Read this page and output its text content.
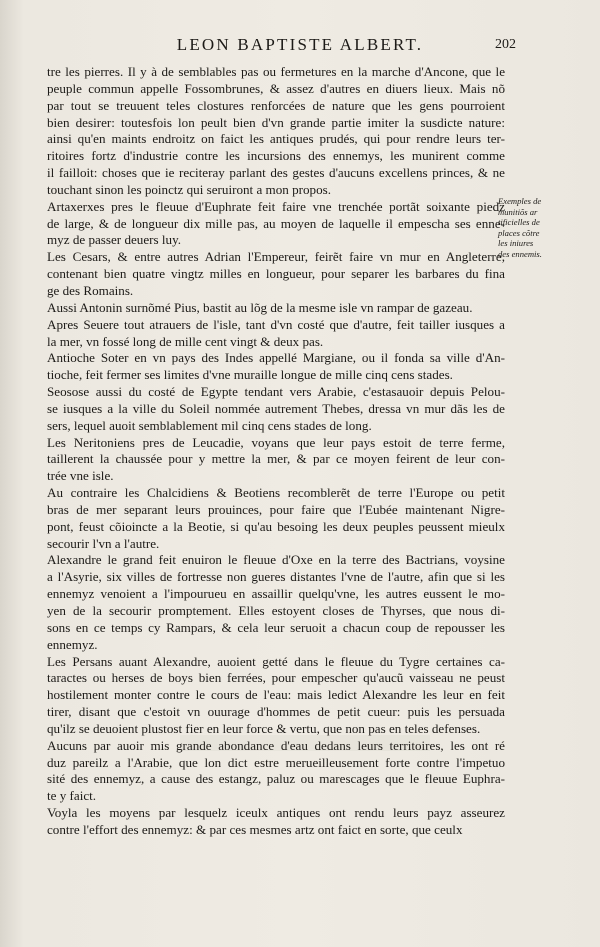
LEON BAPTISTE ALBERT.	202

tre les pierres. Il y à de semblables pas ou fermetures en la marche d'Ancone, que le
peuple commun appelle Fossombrunes, & assez d'autres en diuers lieux. Mais nõ
par tout se treuuent teles clostures renforcées de nature que les gens pourroient
bien desirer: toutesfois lon peult bien d'vn grande partie imiter la susdicte nature:
ainsi qu'en maints endroitz on faict les antiques prudés, qui pour rendre leurs ter-
ritoires fortz d'industrie contre les incursions des ennemys, les munirent comme
il failloit: choses que ie reciteray parlant des gestes d'aucuns excellens princes, & ne
touchant sinon les poinctz qui seruiront a mon propos.

Artaxerxes pres le fleuue d'Euphrate feit faire vne trenchée portãt soixante piedz
de large, & de longueur dix mille pas, au moyen de laquelle il empescha ses enne-
myz de passer deuers luy.

Les Cesars, & entre autres Adrian l'Empereur, feirẽt faire vn mur en Angleterre,
contenant bien quatre vingtz milles en longueur, pour separer les barbares du fina
ge des Romains.

Aussi Antonin surnõmé Pius, bastit au lõg de la mesme isle vn rampar de gazeau.

Apres Seuere tout atrauers de l'isle, tant d'vn costé que d'autre, feit tailler iusques a
la mer, vn fossé long de mille cent vingt & deux pas.

Antioche Soter en vn pays des Indes appellé Margiane, ou il fonda sa ville d'An-
tioche, feit fermer ses limites d'vne muraille longue de mille cinq cens stades.

Seosose aussi du costé de Egypte tendant vers Arabie, c'estasauoir depuis Pelou-
se iusques a la ville du Soleil nommée autrement Thebes, dressa vn mur dãs les de
sers, lequel auoit semblablement mil cinq cens stades de long.

Les Neritoniens pres de Leucadie, voyans que leur pays estoit de terre ferme,
taillerent la chaussée pour y mettre la mer, & par ce moyen feirent de leur con-
trée vne isle.

Au contraire les Chalcidiens & Beotiens recomblerẽt de terre l'Europe ou petit
bras de mer separant leurs prouinces, pour faire que l'Eubée maintenant Nigre-
pont, feust cõioincte a la Beotie, si qu'au besoing les deux peuples peussent mieulx
secourir l'vn a l'autre.

Alexandre le grand feit enuiron le fleuue d'Oxe en la terre des Bactrians, voysine
a l'Asyrie, six villes de fortresse non gueres distantes l'vne de l'autre, afin que si les
ennemyz venoient a l'impourueu en assaillir quelqu'vne, les autres eussent le mo-
yen de la secourir promptement. Elles estoyent closes de Thyrses, que nous di-
sons en ce temps cy Rampars, & cela leur seruoit a chacun coup de repousser les
ennemyz.

Les Persans auant Alexandre, auoient getté dans le fleuue du Tygre certaines ca-
taractes ou herses de boys bien ferrées, pour empescher qu'aucũ vaisseau ne peust
hostilement monter contre le cours de l'eau: mais ledict Alexandre les leur en feit
tirer, disant que c'estoit vn ouurage d'hommes de petit cueur: puis les persuada
qu'ilz se deuoient plustost fier en leur force & vertu, que non pas en teles defenses.

Aucuns par auoir mis grande abondance d'eau dedans leurs territoires, les ont ré
duz pareilz a l'Arabie, que lon dict estre merueilleusement forte contre l'impetuo
sité des ennemyz, a cause des estangz, paluz ou marescages que le fleuue Euphra-
te y faict.

Voyla les moyens par lesquelz iceulx antiques ont rendu leurs payz asseurez
contre l'effort des ennemyz: & par ces mesmes artz ont faict en sorte, que ceulx

Exemples de
munitiõs ar
tificielles de
places cõtre
les iniures
des ennemis.
